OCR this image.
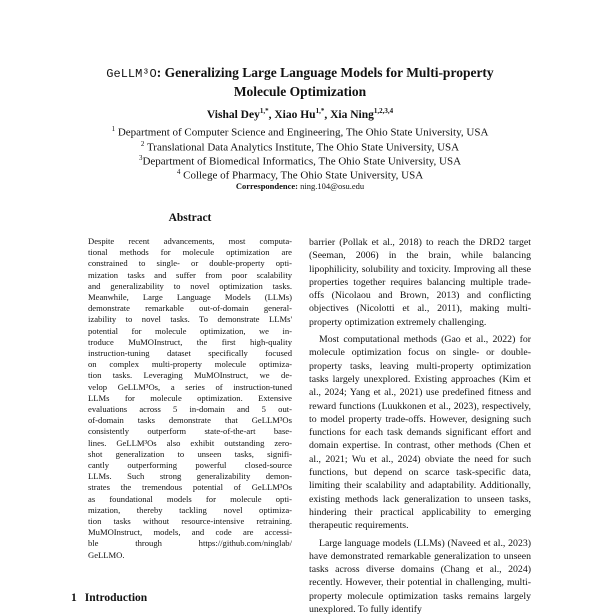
GeLLM³O: Generalizing Large Language Models for Multi-property
Molecule Optimization
Vishal Dey$^{1,*}$, Xiao $Hu^{1,*}$, Xia Ning$^{1,2,3,4}$
$^1$ Department of Computer Science and Engineering, The Ohio State University, USA
$^2$ Translational Data Analytics Institute, The Ohio State University, USA
$^3$Department of Biomedical Informatics, The Ohio State University, USA
$^4$ College of Pharmacy, The Ohio State University, USA
Correspondence: ning.104@osu.edu
Abstract
Despite recent advancements, most computa-
tional methods for molecule optimization are
constrained to single- or double-property opti-
mization tasks and suffer from poor scalability
and generalizability to novel optimization tasks.
Meanwhile, Large Language Models (LLMs)
demonstrate remarkable out-of-domain general-
izability to novel tasks. To demonstrate LLMs'
potential for molecule optimization, we in-
troduce MuMOInstruct, the first high-quality
instruction-tuning dataset specifically focused
on complex multi-property molecule optimiza-
tion tasks. Leveraging MuMOInstruct, we de-
velop GeLLM³Os, a series of instruction-tuned
LLMs for molecule optimization. Extensive
evaluations across 5 in-domain and 5 out-
of-domain tasks demonstrate that GeLLM³Os
consistently outperform state-of-the-art base-
lines. GeLLM³Os also exhibit outstanding zero-
shot generalization to unseen tasks, signifi-
cantly outperforming powerful closed-source
LLMs. Such strong generalizability demon-
strates the tremendous potential of GeLLM³Os
as foundational models for molecule opti-
mization, thereby tackling novel optimiza-
tion tasks without resource-intensive retraining.
MuMOInstruct, models, and code are accessi-
ble through https://github.com/ninglab/
GeLLMO.

barrier (Pollak et al., 2018) to reach the DRD2 target (Seeman, 2006) in the brain, while balancing lipophilicity, solubility and toxicity. Improving all these properties together requires balancing multiple trade-offs (Nicolaou and Brown, 2013) and conflicting objectives (Nicolotti et al., 2011), making multi-property optimization extremely challenging.

Most computational methods (Gao et al., 2022) for molecule optimization focus on single- or double-property tasks, leaving multi-property optimization tasks largely unexplored. Existing approaches (Kim et al., 2024; Yang et al., 2021) use predefined fitness and reward functions (Luukkonen et al., 2023), respectively, to model property trade-offs. However, designing such functions for each task demands significant effort and domain expertise. In contrast, other methods (Chen et al., 2021; Wu et al., 2024) obviate the need for such functions, but depend on scarce task-specific data, limiting their scalability and adaptability. Additionally, existing methods lack generalization to unseen tasks, hindering their practical applicability to emerging therapeutic requirements.

Large language models (LLMs) (Naveed et al., 2023) have demonstrated remarkable generalization to unseen tasks across diverse domains (Chang et al., 2024) recently. However, their potential in challenging, multi-property molecule optimization tasks remains largely unexplored. To fully identify

1 Introduction
